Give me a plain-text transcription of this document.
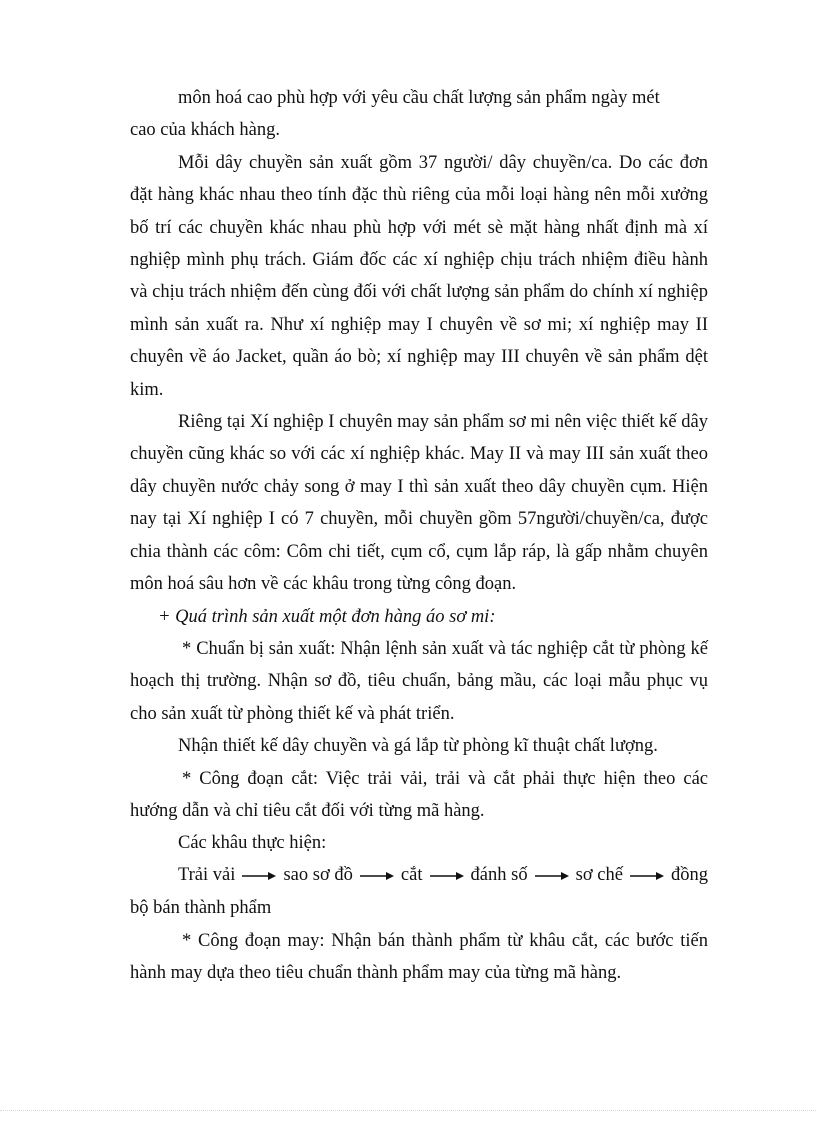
môn hoá cao phù hợp với yêu cầu chất lượng sản phẩm ngày mét

cao của khách hàng.

Mỗi dây chuyền sản xuất gồm 37 người/ dây chuyền/ca. Do các đơn đặt hàng khác nhau theo tính đặc thù riêng của mỗi loại hàng nên mỗi xưởng bố trí các chuyền khác nhau phù hợp với mét sè mặt hàng nhất định mà xí nghiệp mình phụ trách. Giám đốc các xí nghiệp chịu trách nhiệm điều hành và chịu trách nhiệm đến cùng đối với chất lượng sản phẩm do chính xí nghiệp mình sản xuất ra. Như xí nghiệp may I chuyên về sơ mi; xí nghiệp may II chuyên về áo Jacket, quần áo bò; xí nghiệp may III chuyên về sản phẩm dệt kim.

Riêng tại Xí nghiệp I chuyên may sản phẩm sơ mi nên việc thiết kế dây chuyền cũng khác so với các xí nghiệp khác. May II và may III sản xuất theo dây chuyền nước chảy song ở may I thì sản xuất theo dây chuyền cụm. Hiện nay tại Xí nghiệp I có 7 chuyền, mỗi chuyền gồm 57người/chuyền/ca, được chia thành các côm: Côm chi tiết, cụm cổ, cụm lắp ráp, là gấp nhằm chuyên môn hoá sâu hơn về các khâu trong từng công đoạn.

+ Quá trình sản xuất một đơn hàng áo sơ mi:

* Chuẩn bị sản xuất: Nhận lệnh sản xuất và tác nghiệp cắt từ phòng kế hoạch thị trường. Nhận sơ đồ, tiêu chuẩn, bảng mầu, các loại mẫu phục vụ cho sản xuất từ phòng thiết kế và phát triển.

Nhận thiết kế dây chuyền và gá lắp từ phòng kĩ thuật chất lượng.

* Công đoạn cắt: Việc trải vải, trải và cắt phải thực hiện theo các hướng dẫn và chỉ tiêu cắt đối với từng mã hàng.

Các khâu thực hiện:

Trải vải	sao sơ đồ	cắt	đánh số	sơ chế	đồng

bộ bán thành phẩm

* Công đoạn may: Nhận bán thành phẩm từ khâu cắt, các bước tiến hành may dựa theo tiêu chuẩn thành phẩm may của từng mã hàng.
